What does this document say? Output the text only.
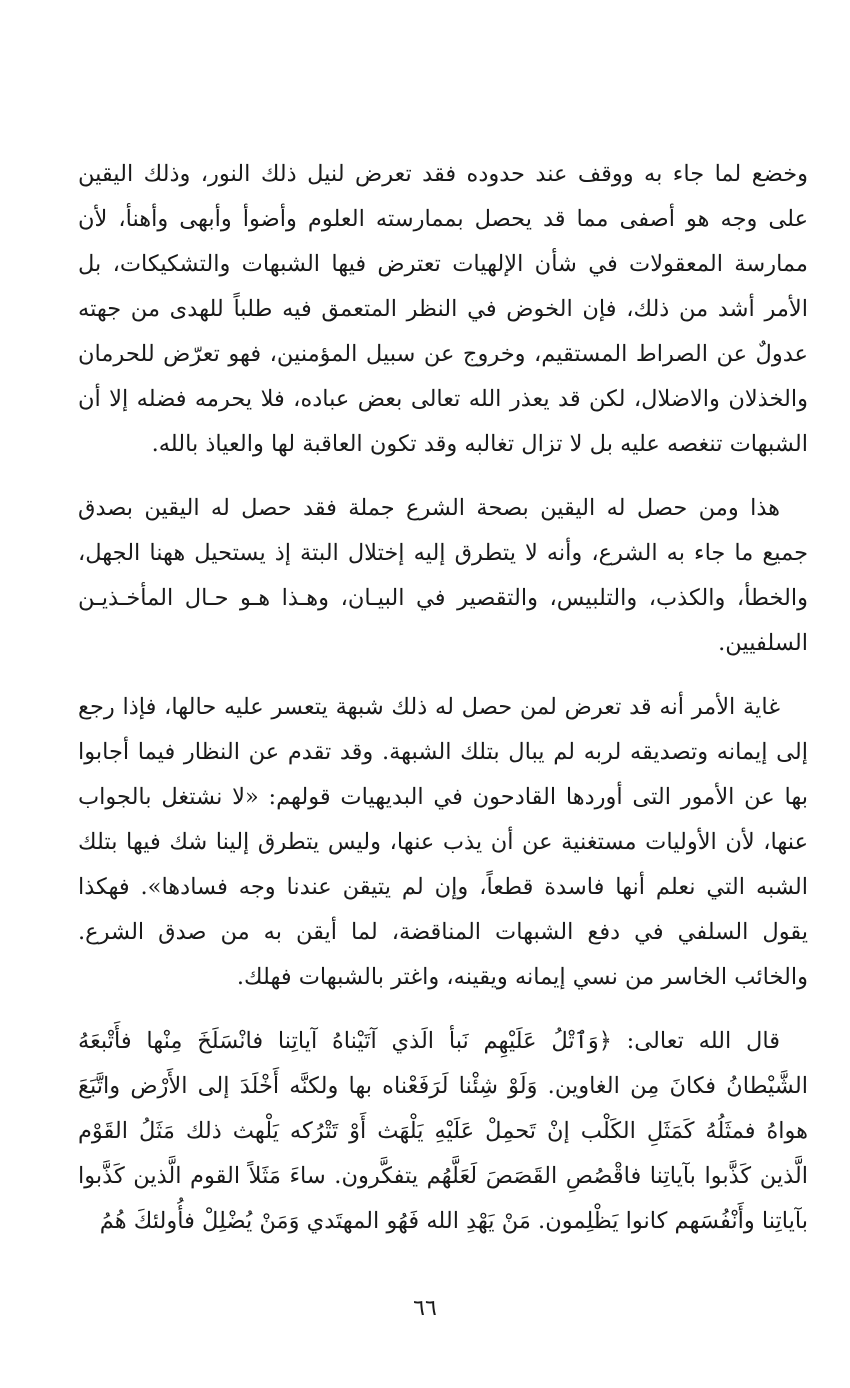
وخضع لما جاء به ووقف عند حدوده فقد تعرض لنيل ذلك النور، وذلك اليقين على وجه هو أصفى مما قد يحصل بممارسته العلوم وأضوأ وأبهى وأهنأ، لأن ممارسة المعقولات في شأن الإلهيات تعترض فيها الشبهات والتشكيكات، بل الأمر أشد من ذلك، فإن الخوض في النظر المتعمق فيه طلباً للهدى من جهته عدولٌ عن الصراط المستقيم، وخروج عن سبيل المؤمنين، فهو تعرّض للحرمان والخذلان والاضلال، لكن قد يعذر الله تعالى بعض عباده، فلا يحرمه فضله إلا أن الشبهات تنغصه عليه بل لا تزال تغالبه وقد تكون العاقبة لها والعياذ بالله.

هذا ومن حصل له اليقين بصحة الشرع جملة فقد حصل له اليقين بصدق جميع ما جاء به الشرع، وأنه لا يتطرق إليه إختلال البتة إذ يستحيل ههنا الجهل، والخطأ، والكذب، والتلبيس، والتقصير في البيـان، وهـذا هـو حـال المأخـذيـن السلفيين.

غاية الأمر أنه قد تعرض لمن حصل له ذلك شبهة يتعسر عليه حالها، فإذا رجع إلى إيمانه وتصديقه لربه لم يبال بتلك الشبهة. وقد تقدم عن النظار فيما أجابوا بها عن الأمور التى أوردها القادحون في البديهيات قولهم: «لا نشتغل بالجواب عنها، لأن الأوليات مستغنية عن أن يذب عنها، وليس يتطرق إلينا شك فيها بتلك الشبه التي نعلم أنها فاسدة قطعاً، وإن لم يتيقن عندنا وجه فسادها». فهكذا يقول السلفي في دفع الشبهات المناقضة، لما أيقن به من صدق الشرع. والخائب الخاسر من نسي إيمانه ويقينه، واغتر بالشبهات فهلك.

قال الله تعالى: ﴿وَٱتْلُ عَلَيْهِم نَبأ الَذي آتَيْناهُ آياتِنا فانْسَلَخَ مِنْها فأَتْبعَهُ الشَّيْطانُ فكانَ مِن الغاوين. وَلَوْ شِئْنا لَرَفَعْناه بها ولكنَّه أَخْلَدَ إلى الأَرْض واتَّبَعَ هواهُ فمثَلُهُ كَمَثَلِ الكَلْب إنْ تَحمِلْ عَلَيْهِ يَلْهَث أَوْ تَتْرُكه يَلْهث ذلك مَثَلُ القَوْم الَّذين كَذَّبوا بآياتِنا فاقْصُصِ القَصَصَ لَعَلَّهُم يتفكَّرون. ساءَ مَثَلاً القوم الَّذين كَذَّبوا بآياتِنا وأَنْفُسَهم كانوا يَظْلِمون. مَنْ يَهْدِ الله فَهُو المهتَدي وَمَنْ يُضْلِلْ فأُولئكَ هُمُ

٦٦
